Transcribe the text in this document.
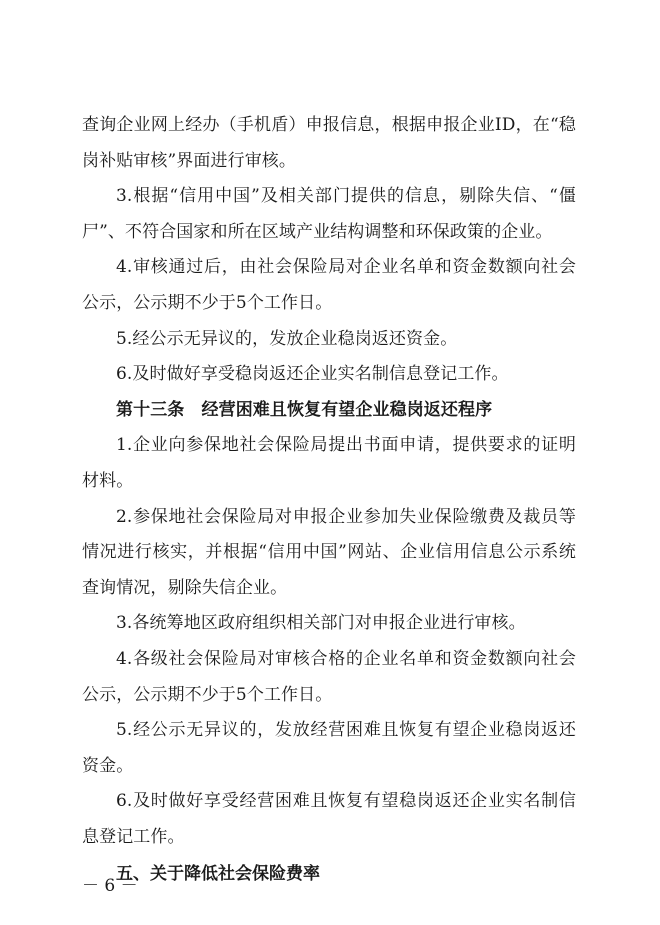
查询企业网上经办（手机盾）申报信息，根据申报企业ID，在“稳岗补贴审核”界面进行审核。

3.根据“信用中国”及相关部门提供的信息，剔除失信、“僵尸”、不符合国家和所在区域产业结构调整和环保政策的企业。

4.审核通过后，由社会保险局对企业名单和资金数额向社会公示，公示期不少于5个工作日。

5.经公示无异议的，发放企业稳岗返还资金。

6.及时做好享受稳岗返还企业实名制信息登记工作。

第十三条　经营困难且恢复有望企业稳岗返还程序

1.企业向参保地社会保险局提出书面申请，提供要求的证明材料。

2.参保地社会保险局对申报企业参加失业保险缴费及裁员等情况进行核实，并根据“信用中国”网站、企业信用信息公示系统查询情况，剔除失信企业。

3.各统筹地区政府组织相关部门对申报企业进行审核。

4.各级社会保险局对审核合格的企业名单和资金数额向社会公示，公示期不少于5个工作日。

5.经公示无异议的，发放经营困难且恢复有望企业稳岗返还资金。

6.及时做好享受经营困难且恢复有望稳岗返还企业实名制信息登记工作。

五、关于降低社会保险费率

－ 6 －
